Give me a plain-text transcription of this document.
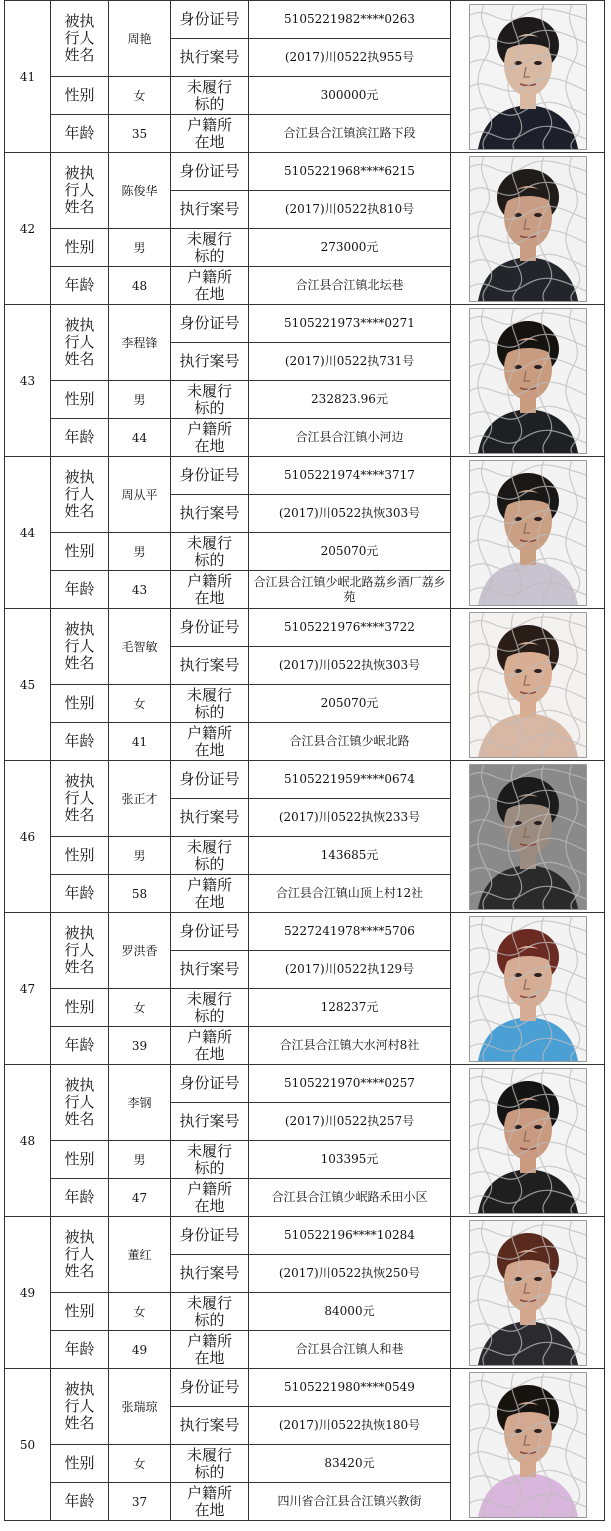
41	被执行人姓名	周艳	身份证号	5105221982****0263	

			执行案号	(2017)川0522执955号	
	性别	女	未履行标的	300000元	
	年龄	35	户籍所在地	合江县合江镇滨江路下段	
42	被执行人姓名	陈俊华	身份证号	5105221968****6215	

			执行案号	(2017)川0522执810号	
	性别	男	未履行标的	273000元	
	年龄	48	户籍所在地	合江县合江镇北坛巷	
43	被执行人姓名	李程锋	身份证号	5105221973****0271	

			执行案号	(2017)川0522执731号	
	性别	男	未履行标的	232823.96元	
	年龄	44	户籍所在地	合江县合江镇小河边	
44	被执行人姓名	周从平	身份证号	5105221974****3717	

			执行案号	(2017)川0522执恢303号	
	性别	男	未履行标的	205070元	
	年龄	43	户籍所在地	合江县合江镇少岷北路荔乡酒厂荔乡苑	
45	被执行人姓名	毛智敏	身份证号	5105221976****3722	

			执行案号	(2017)川0522执恢303号	
	性别	女	未履行标的	205070元	
	年龄	41	户籍所在地	合江县合江镇少岷北路	
46	被执行人姓名	张正才	身份证号	5105221959****0674	

			执行案号	(2017)川0522执恢233号	
	性别	男	未履行标的	143685元	
	年龄	58	户籍所在地	合江县合江镇山顶上村12社	
47	被执行人姓名	罗洪香	身份证号	5227241978****5706	

			执行案号	(2017)川0522执129号	
	性别	女	未履行标的	128237元	
	年龄	39	户籍所在地	合江县合江镇大水河村8社	
48	被执行人姓名	李钢	身份证号	5105221970****0257	

			执行案号	(2017)川0522执257号	
	性别	男	未履行标的	103395元	
	年龄	47	户籍所在地	合江县合江镇少岷路禾田小区	
49	被执行人姓名	董红	身份证号	510522196****10284	

			执行案号	(2017)川0522执恢250号	
	性别	女	未履行标的	84000元	
	年龄	49	户籍所在地	合江县合江镇人和巷	
50	被执行人姓名	张瑞琼	身份证号	5105221980****0549	

			执行案号	(2017)川0522执恢180号	
	性别	女	未履行标的	83420元	
	年龄	37	户籍所在地	四川省合江县合江镇兴教街	
